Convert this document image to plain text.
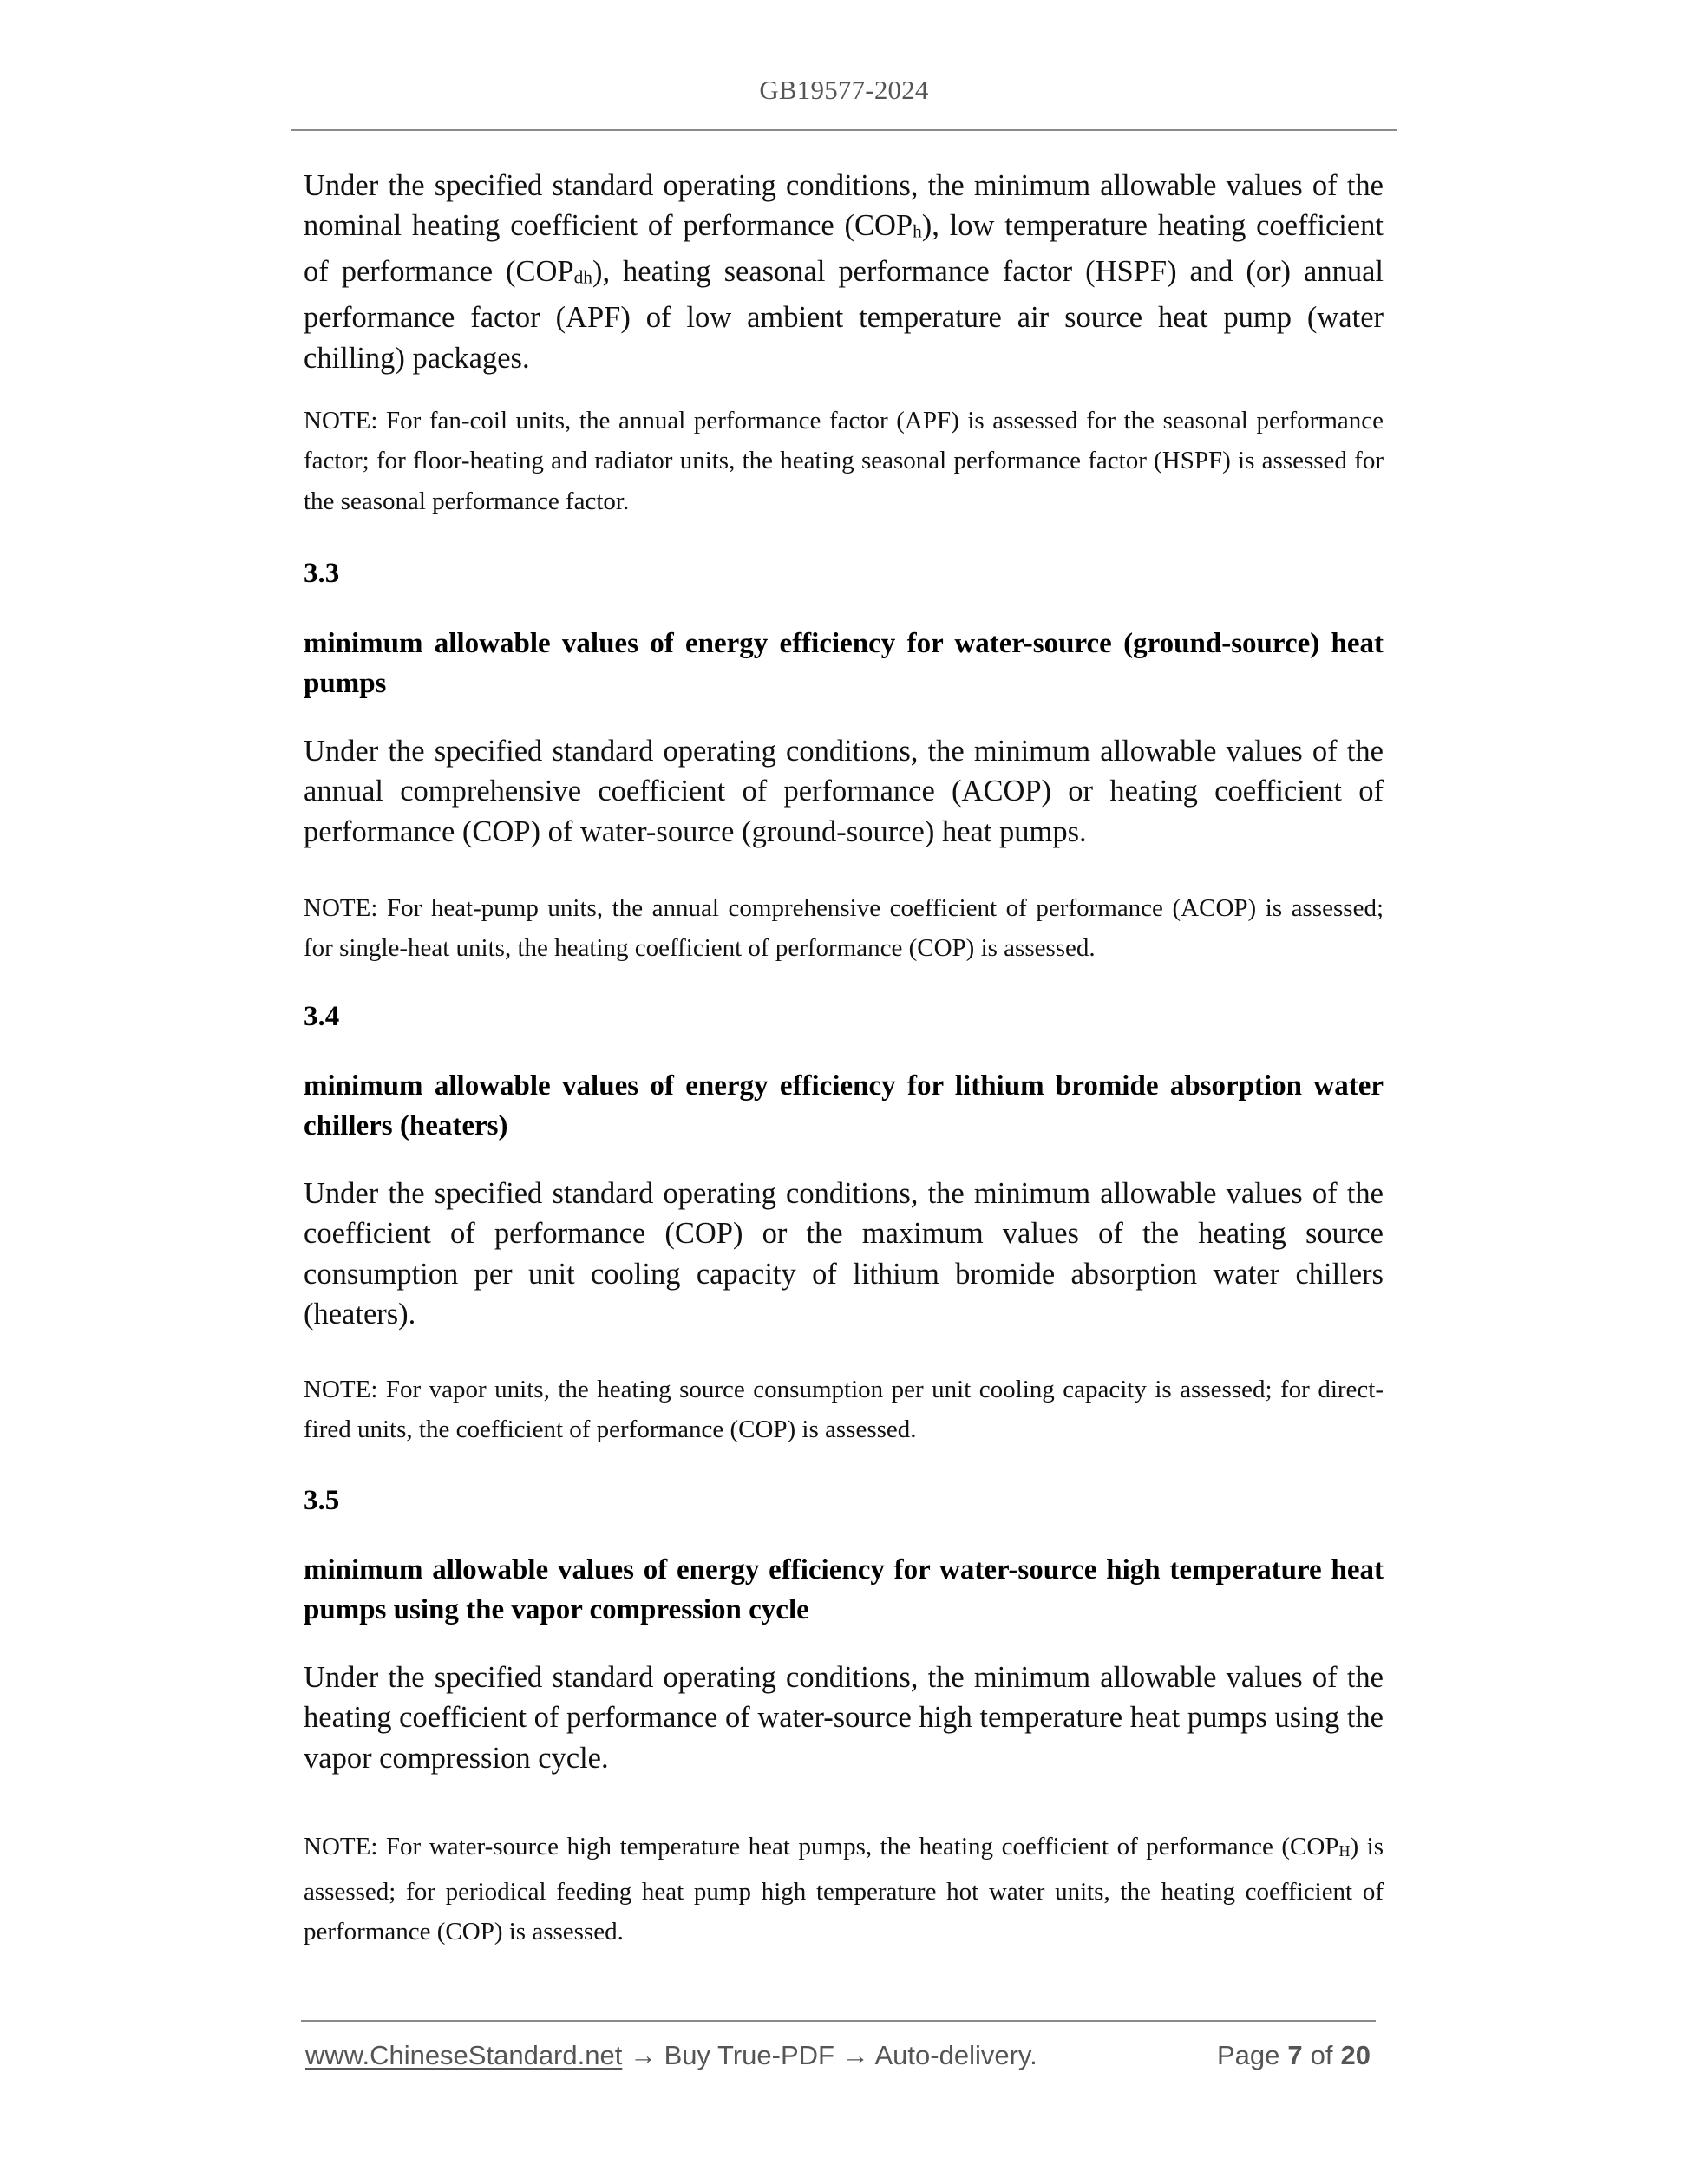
GB19577-2024

Under the specified standard operating conditions, the minimum allowable values of the nominal heating coefficient of performance (COPh), low temperature heating coefficient of performance (COPdh), heating seasonal performance factor (HSPF) and (or) annual performance factor (APF) of low ambient temperature air source heat pump (water chilling) packages.

NOTE: For fan-coil units, the annual performance factor (APF) is assessed for the seasonal performance factor; for floor-heating and radiator units, the heating seasonal performance factor (HSPF) is assessed for the seasonal performance factor.

3.3

minimum allowable values of energy efficiency for water-source (ground-source) heat pumps

Under the specified standard operating conditions, the minimum allowable values of the annual comprehensive coefficient of performance (ACOP) or heating coefficient of performance (COP) of water-source (ground-source) heat pumps.

NOTE: For heat-pump units, the annual comprehensive coefficient of performance (ACOP) is assessed; for single-heat units, the heating coefficient of performance (COP) is assessed.

3.4

minimum allowable values of energy efficiency for lithium bromide absorption water chillers (heaters)

Under the specified standard operating conditions, the minimum allowable values of the coefficient of performance (COP) or the maximum values of the heating source consumption per unit cooling capacity of lithium bromide absorption water chillers (heaters).

NOTE: For vapor units, the heating source consumption per unit cooling capacity is assessed; for direct-fired units, the coefficient of performance (COP) is assessed.

3.5

minimum allowable values of energy efficiency for water-source high temperature heat pumps using the vapor compression cycle

Under the specified standard operating conditions, the minimum allowable values of the heating coefficient of performance of water-source high temperature heat pumps using the vapor compression cycle.

NOTE: For water-source high temperature heat pumps, the heating coefficient of performance (COPH) is assessed; for periodical feeding heat pump high temperature hot water units, the heating coefficient of performance (COP) is assessed.

www.ChineseStandard.net → Buy True-PDF → Auto-delivery.	Page 7 of 20
